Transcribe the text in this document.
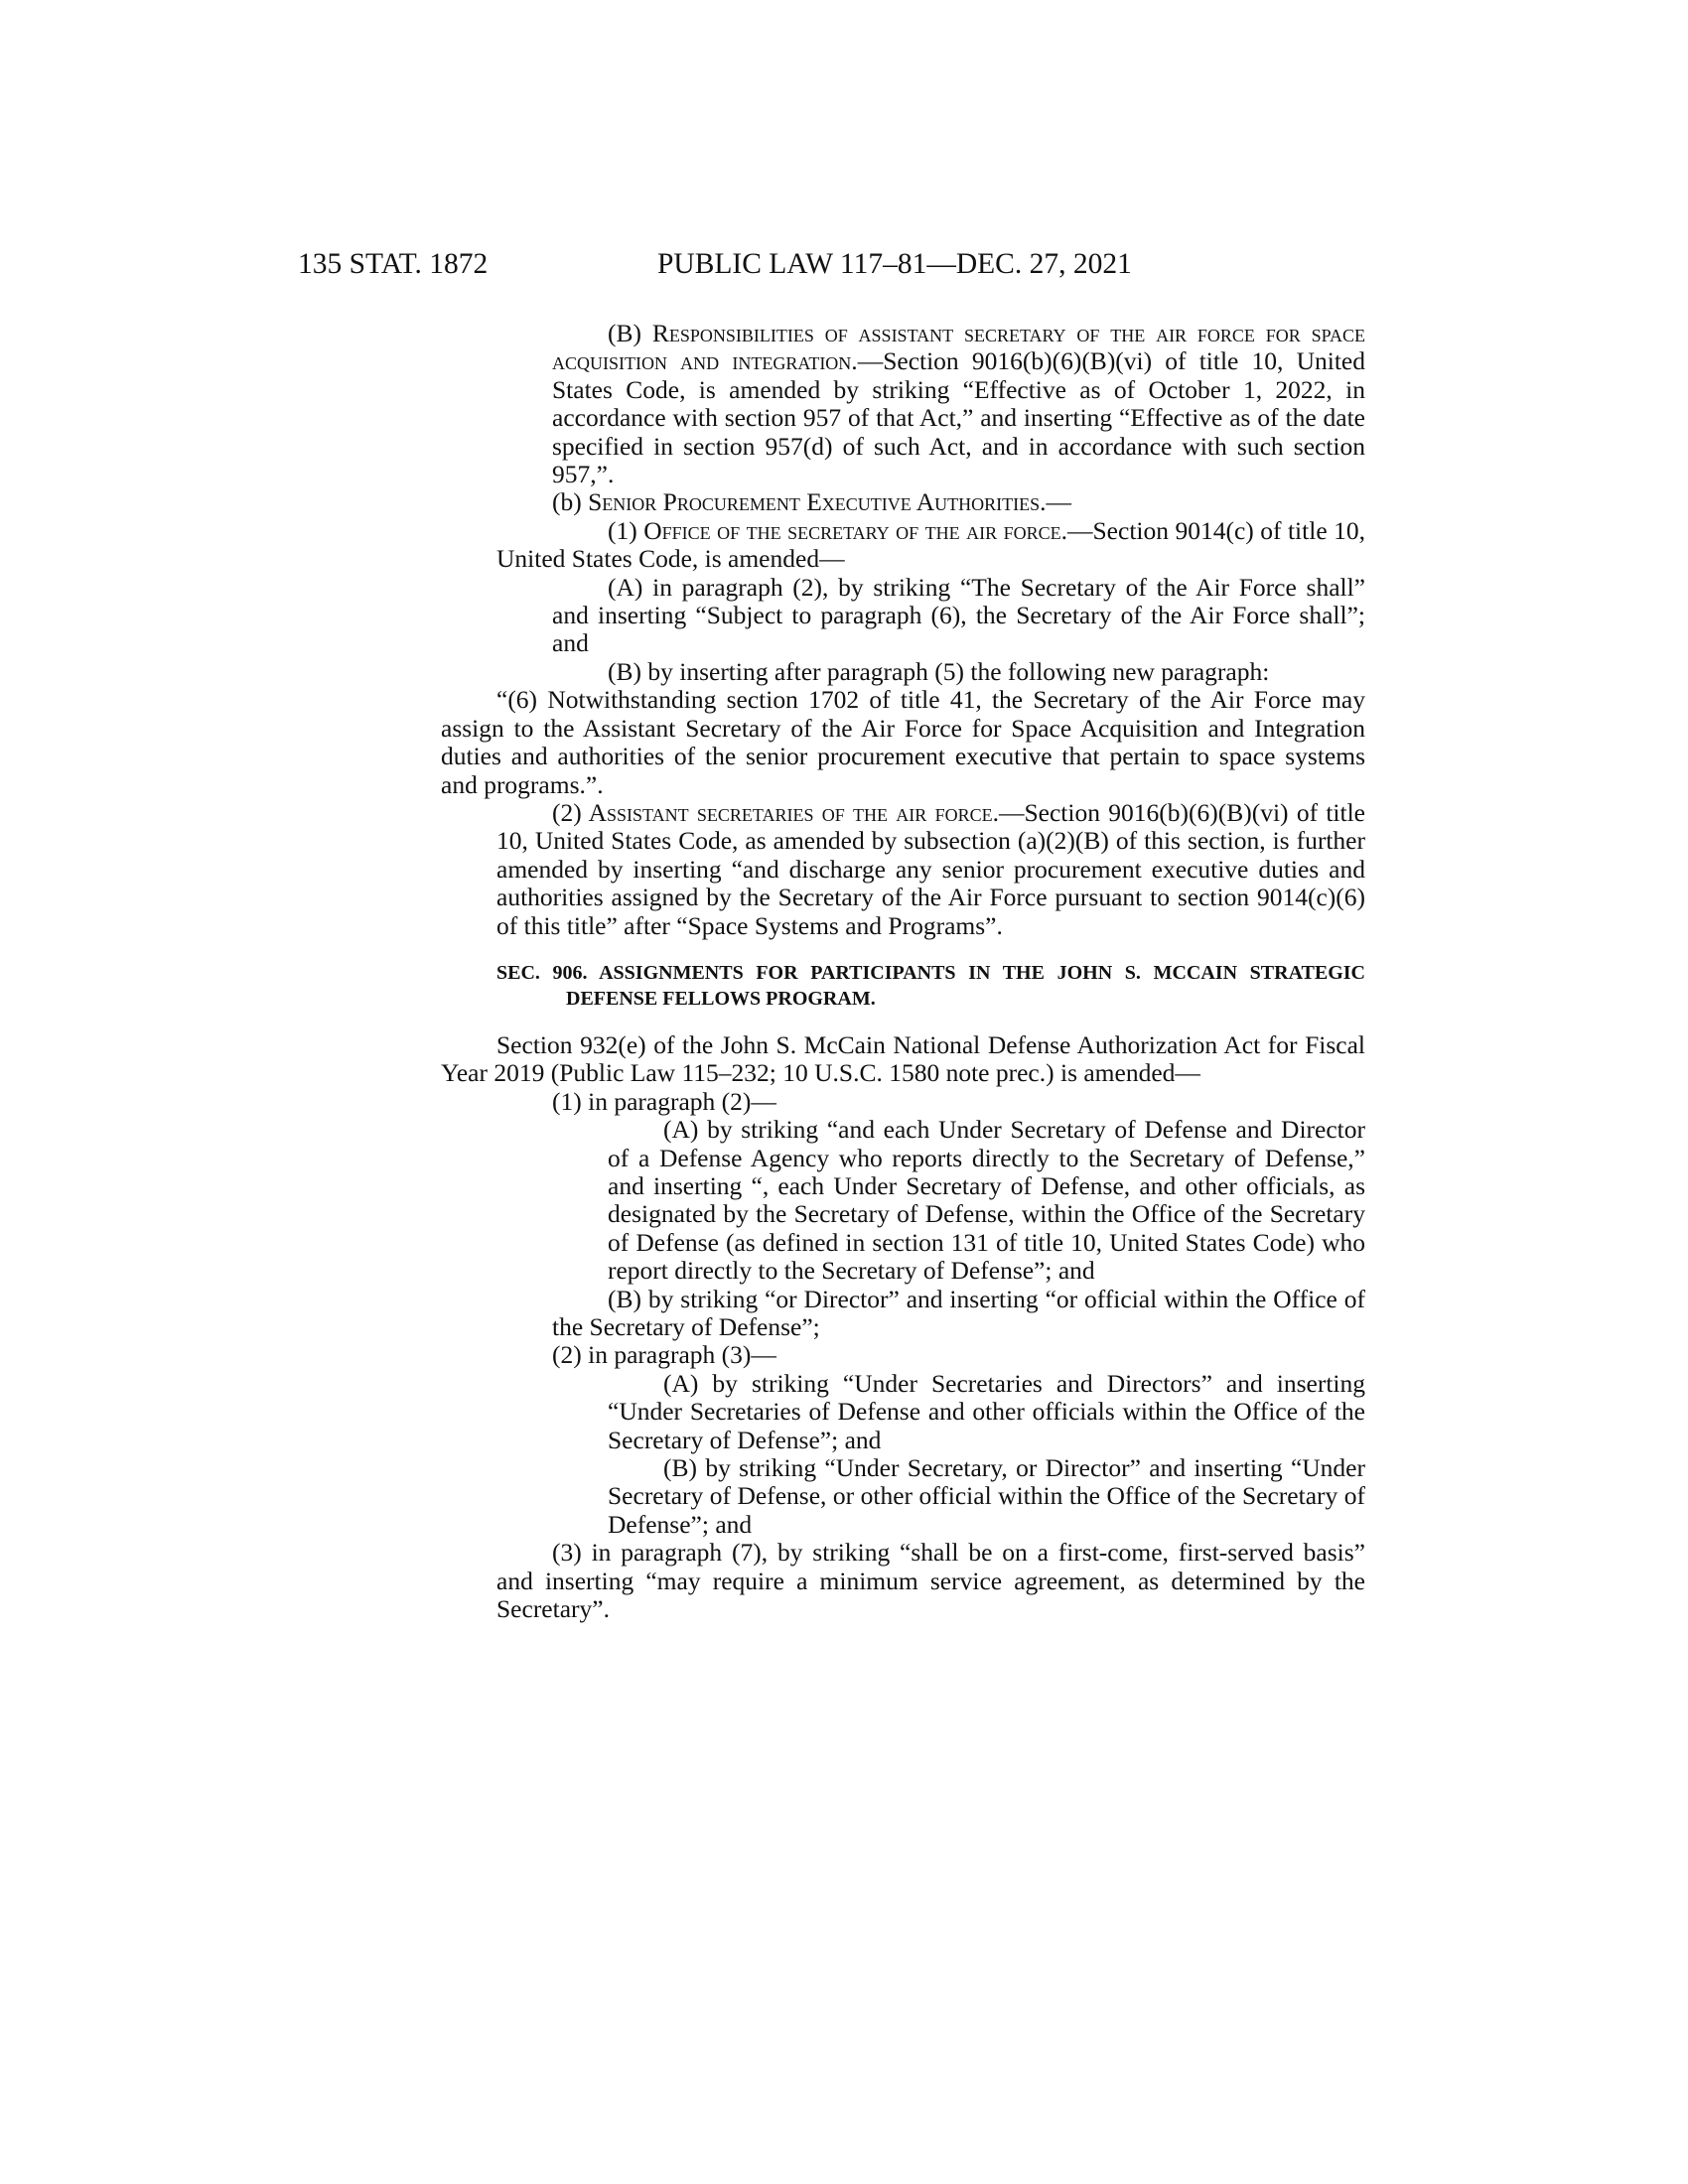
135 STAT. 1872	PUBLIC LAW 117–81—DEC. 27, 2021

(B) Responsibilities of assistant secretary of the air force for space acquisition and integration.—Section 9016(b)(6)(B)(vi) of title 10, United States Code, is amended by striking “Effective as of October 1, 2022, in accordance with section 957 of that Act,” and inserting “Effective as of the date specified in section 957(d) of such Act, and in accordance with such section 957,”.

(b) Senior Procurement Executive Authorities.—

(1) Office of the secretary of the air force.—Section 9014(c) of title 10, United States Code, is amended—

(A) in paragraph (2), by striking “The Secretary of the Air Force shall” and inserting “Subject to paragraph (6), the Secretary of the Air Force shall”; and

(B) by inserting after paragraph (5) the following new paragraph:

“(6) Notwithstanding section 1702 of title 41, the Secretary of the Air Force may assign to the Assistant Secretary of the Air Force for Space Acquisition and Integration duties and authorities of the senior procurement executive that pertain to space systems and programs.”.

(2) Assistant secretaries of the air force.—Section 9016(b)(6)(B)(vi) of title 10, United States Code, as amended by subsection (a)(2)(B) of this section, is further amended by inserting “and discharge any senior procurement executive duties and authorities assigned by the Secretary of the Air Force pursuant to section 9014(c)(6) of this title” after “Space Systems and Programs”.

SEC. 906. ASSIGNMENTS FOR PARTICIPANTS IN THE JOHN S. MCCAIN STRATEGIC DEFENSE FELLOWS PROGRAM.

Section 932(e) of the John S. McCain National Defense Authorization Act for Fiscal Year 2019 (Public Law 115–232; 10 U.S.C. 1580 note prec.) is amended—

(1) in paragraph (2)—

(A) by striking “and each Under Secretary of Defense and Director of a Defense Agency who reports directly to the Secretary of Defense,” and inserting “, each Under Secretary of Defense, and other officials, as designated by the Secretary of Defense, within the Office of the Secretary of Defense (as defined in section 131 of title 10, United States Code) who report directly to the Secretary of Defense”; and

(B) by striking “or Director” and inserting “or official within the Office of the Secretary of Defense”;

(2) in paragraph (3)—

(A) by striking “Under Secretaries and Directors” and inserting “Under Secretaries of Defense and other officials within the Office of the Secretary of Defense”; and

(B) by striking “Under Secretary, or Director” and inserting “Under Secretary of Defense, or other official within the Office of the Secretary of Defense”; and

(3) in paragraph (7), by striking “shall be on a first-come, first-served basis” and inserting “may require a minimum service agreement, as determined by the Secretary”.
